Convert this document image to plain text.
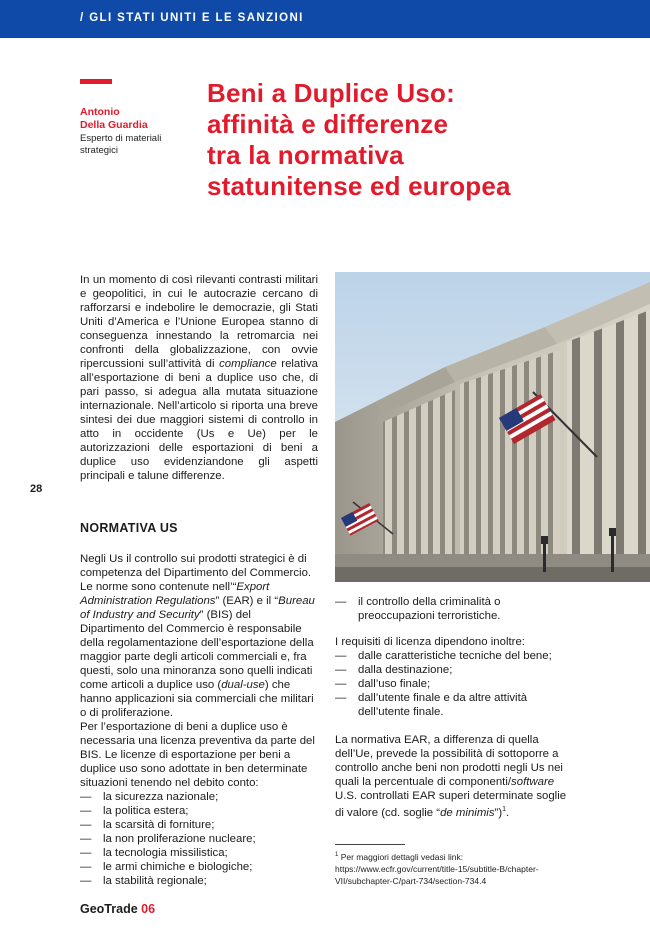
/ GLI STATI UNITI E LE SANZIONI
Antonio
Della Guardia
Esperto di materiali
strategici
Beni a Duplice Uso:
affinità e differenze
tra la normativa
statunitense ed europea
In un momento di così rilevanti contrasti militari e geopolitici, in cui le autocrazie cercano di rafforzarsi e indebolire le democrazie, gli Stati Uniti d’America e l’Unione Europea stanno di conseguenza innestando la retromarcia nei confronti della globalizzazione, con ovvie ripercussioni sull’attività di compliance relativa all’esportazione di beni a duplice uso che, di pari passo, si adegua alla mutata situazione internazionale. Nell’articolo si riporta una breve sintesi dei due maggiori sistemi di controllo in atto in occidente (Us e Ue) per le autorizzazioni delle esportazioni di beni a duplice uso evidenziandone gli aspetti principali e talune differenze.
28
NORMATIVA US

Negli Us il controllo sui prodotti strategici è di competenza del Dipartimento del Commercio. Le norme sono contenute nell’“Export Administration Regulations” (EAR) e il “Bureau of Industry and Security” (BIS) del Dipartimento del Commercio è responsabile della regolamentazione dell’esportazione della maggior parte degli articoli commerciali e, fra questi, solo una minoranza sono quelli indicati come articoli a duplice uso (dual-use) che hanno applicazioni sia commerciali che militari o di proliferazione.

Per l’esportazione di beni a duplice uso è necessaria una licenza preventiva da parte del BIS. Le licenze di esportazione per beni a duplice uso sono adottate in ben determinate situazioni tenendo nel debito conto:

— la sicurezza nazionale;
— la politica estera;
— la scarsità di forniture;
— la non proliferazione nucleare;
— la tecnologia missilistica;
— le armi chimiche e biologiche;
— la stabilità regionale;
— il controllo della criminalità o preoccupazioni terroristiche.

I requisiti di licenza dipendono inoltre:

— dalle caratteristiche tecniche del bene;
— dalla destinazione;
— dall’uso finale;
— dall’utente finale e da altre attività dell’utente finale.
La normativa EAR, a differenza di quella dell’Ue, prevede la possibilità di sottoporre a controllo anche beni non prodotti negli Us nei quali la percentuale di componenti/software U.S. controllati EAR superi determinate soglie di valore (cd. soglie “de minimis”)$^1$.
$^1$ Per maggiori dettagli vedasi link: https://www.ecfr.gov/current/title-15/subtitle-B/chapter-VII/subchapter-C/part-734/section-734.4
GeoTrade 06
